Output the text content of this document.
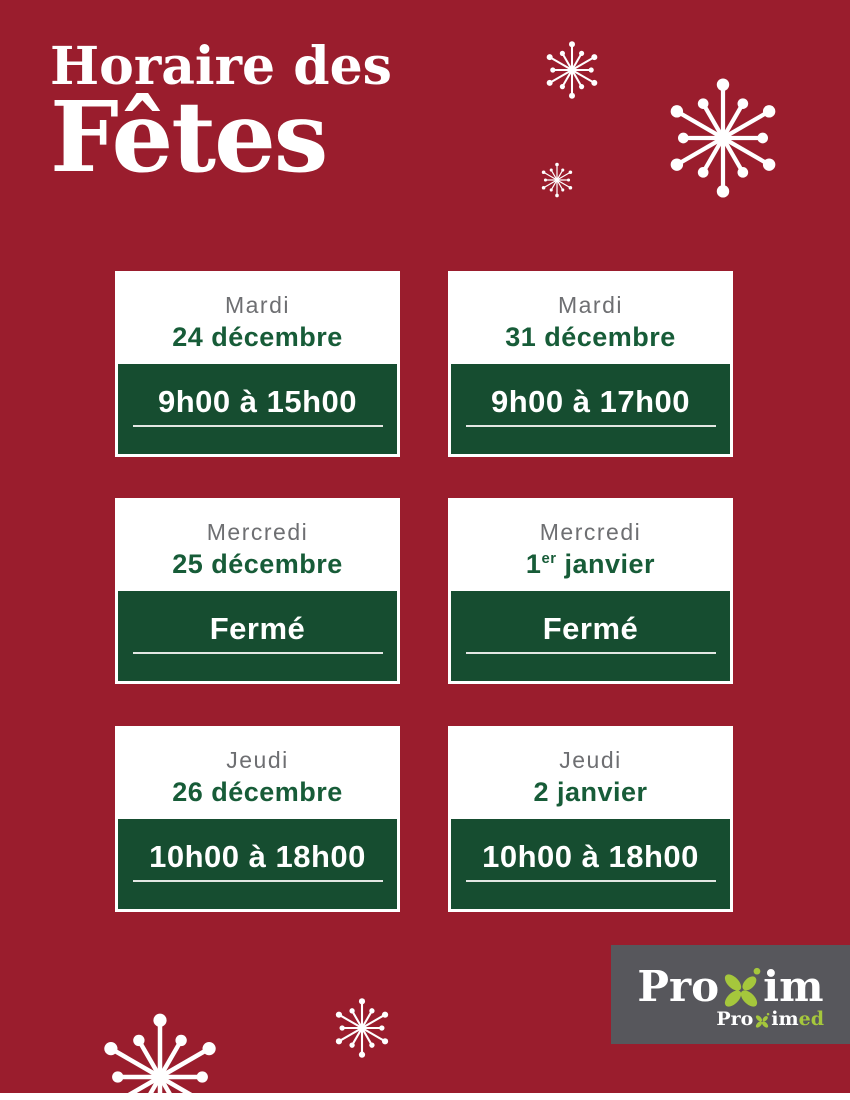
Horaire des
Fêtes
Mardi
24 décembre
9h00 à 15h00
Mardi
31 décembre
9h00 à 17h00
Mercredi
25 décembre
Fermé
Mercredi
1er janvier
Fermé
Jeudi
26 décembre
10h00 à 18h00
Jeudi
2 janvier
10h00 à 18h00
Pro im
Pro im ed
